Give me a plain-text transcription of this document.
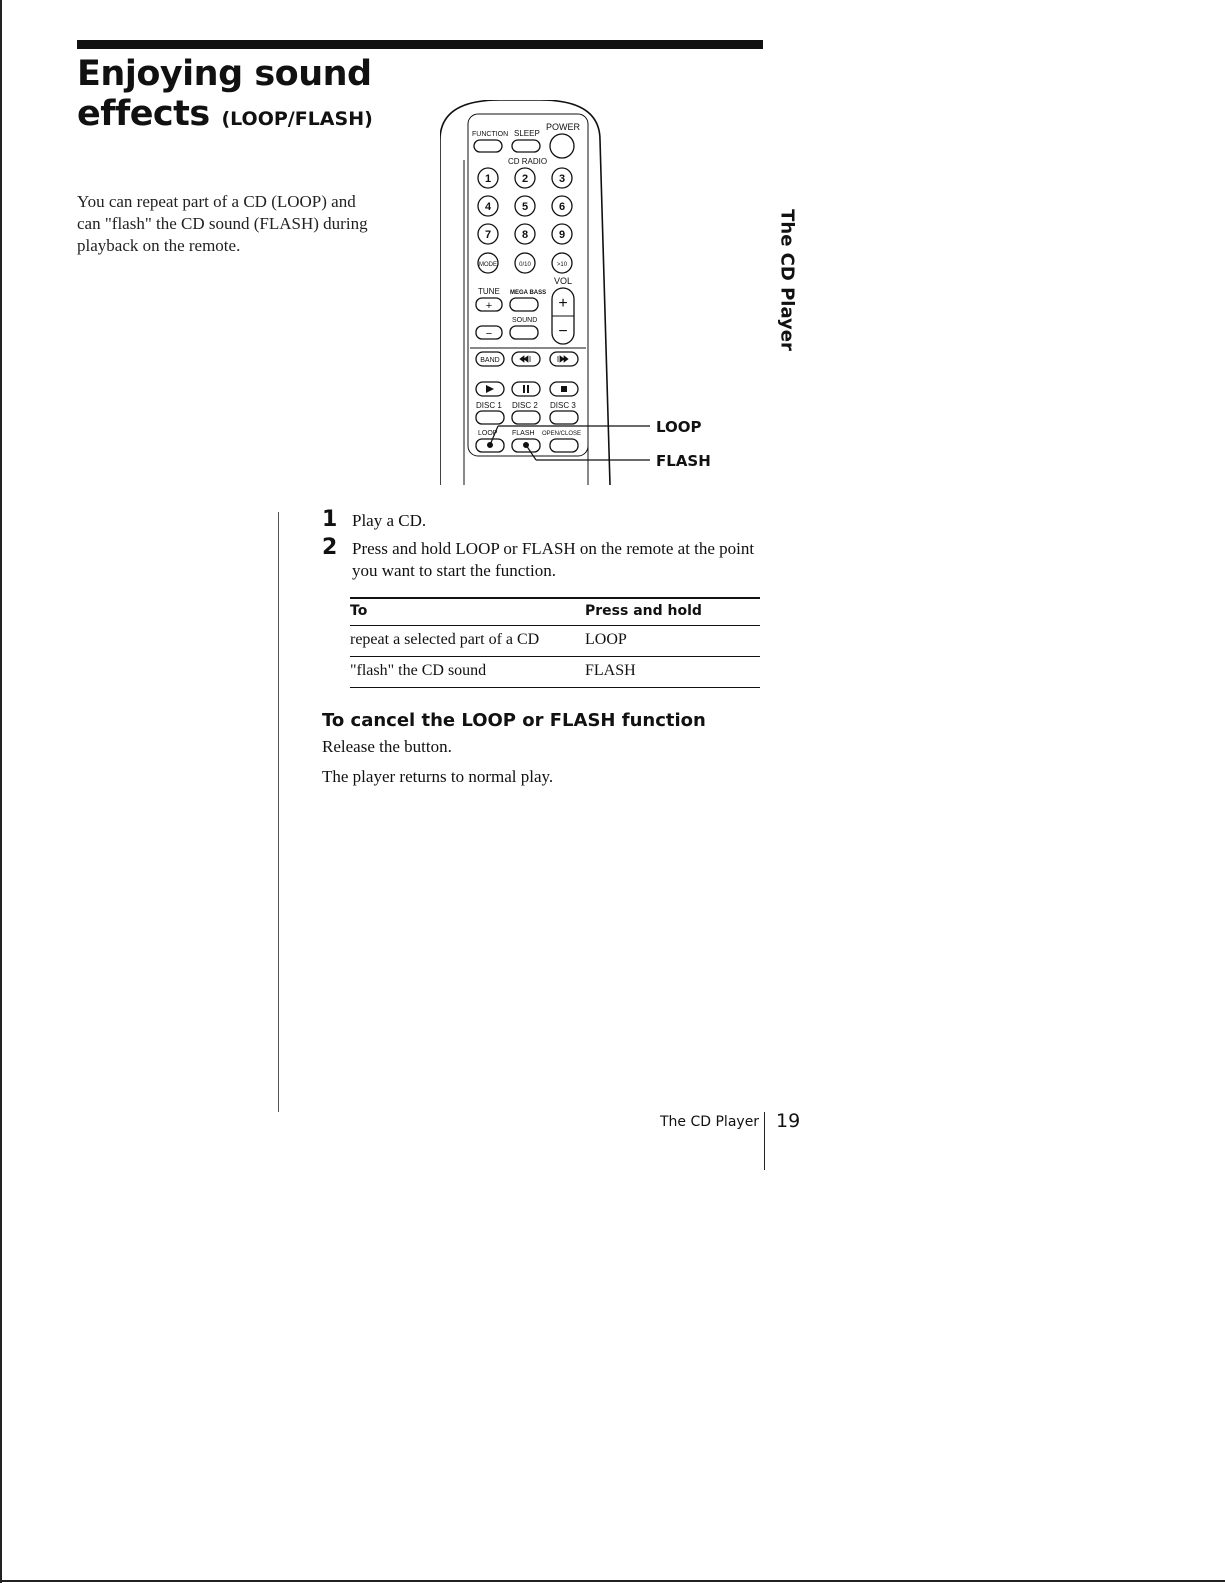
Enjoying sound
effects (LOOP/FLASH)

You can repeat part of a CD (LOOP) and can "flash" the CD sound (FLASH) during playback on the remote.	The CD Player
FUNCTION SLEEP
POWER
CD RADIO
1	2	3
4	5	6
7	8	9
MODE	0/10	>10
VOL
TUNE MEGA BASS
+	+
−
SOUND
−
BAND
DISC 1 DISC 2 DISC 3
LOOP FLASH OPEN/CLOSE	LOOP
FLASH
1 Play a CD.
2 Press and hold LOOP or FLASH on the remote at the point you want to start the function.
To	Press and hold
repeat a selected part of a CD	LOOP
"flash" the CD sound	FLASH
To cancel the LOOP or FLASH function

Release the button.

The player returns to normal play.

The CD Player 19
